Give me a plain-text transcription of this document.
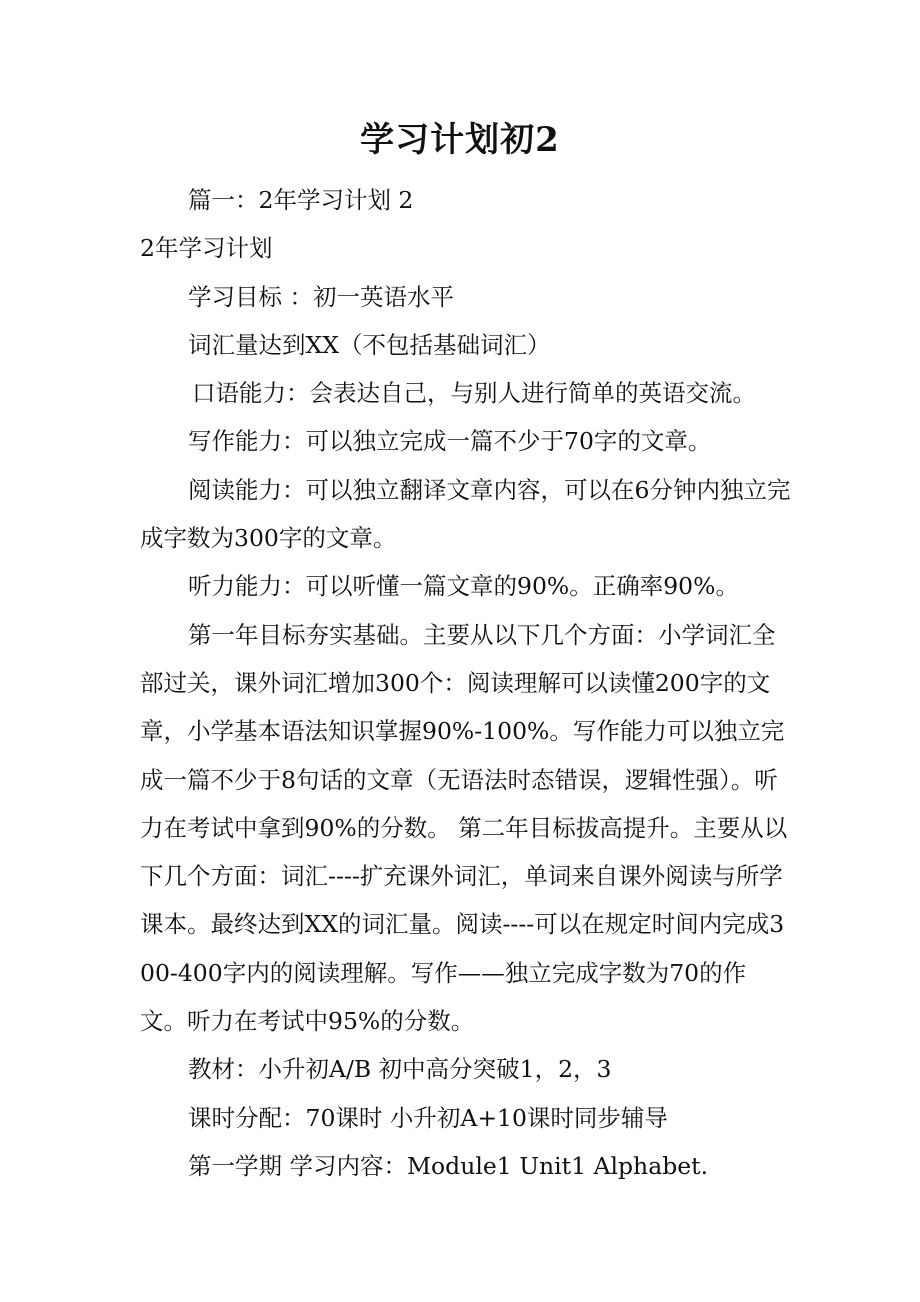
学习计划初2

篇一：2年学习计划 2

2年学习计划

学习目标 ：初一英语水平

词汇量达到XX（不包括基础词汇）

口语能力：会表达自己，与别人进行简单的英语交流。

写作能力：可以独立完成一篇不少于70字的文章。

阅读能力：可以独立翻译文章内容，可以在6分钟内独立完成字数为300字的文章。

听力能力：可以听懂一篇文章的90%。正确率90%。

第一年目标夯实基础。主要从以下几个方面：小学词汇全部过关，课外词汇增加300个：阅读理解可以读懂200字的文章，小学基本语法知识掌握90%-100%。写作能力可以独立完成一篇不少于8句话的文章（无语法时态错误，逻辑性强）。听力在考试中拿到90%的分数。 第二年目标拔高提升。主要从以下几个方面：词汇----扩充课外词汇，单词来自课外阅读与所学课本。最终达到XX的词汇量。阅读----可以在规定时间内完成300-400字内的阅读理解。写作——独立完成字数为70的作文。听力在考试中95%的分数。

教材：小升初A/B 初中高分突破1，2，3

课时分配：70课时 小升初A+10课时同步辅导

第一学期 学习内容：Module1 Unit1 Alphabet.
